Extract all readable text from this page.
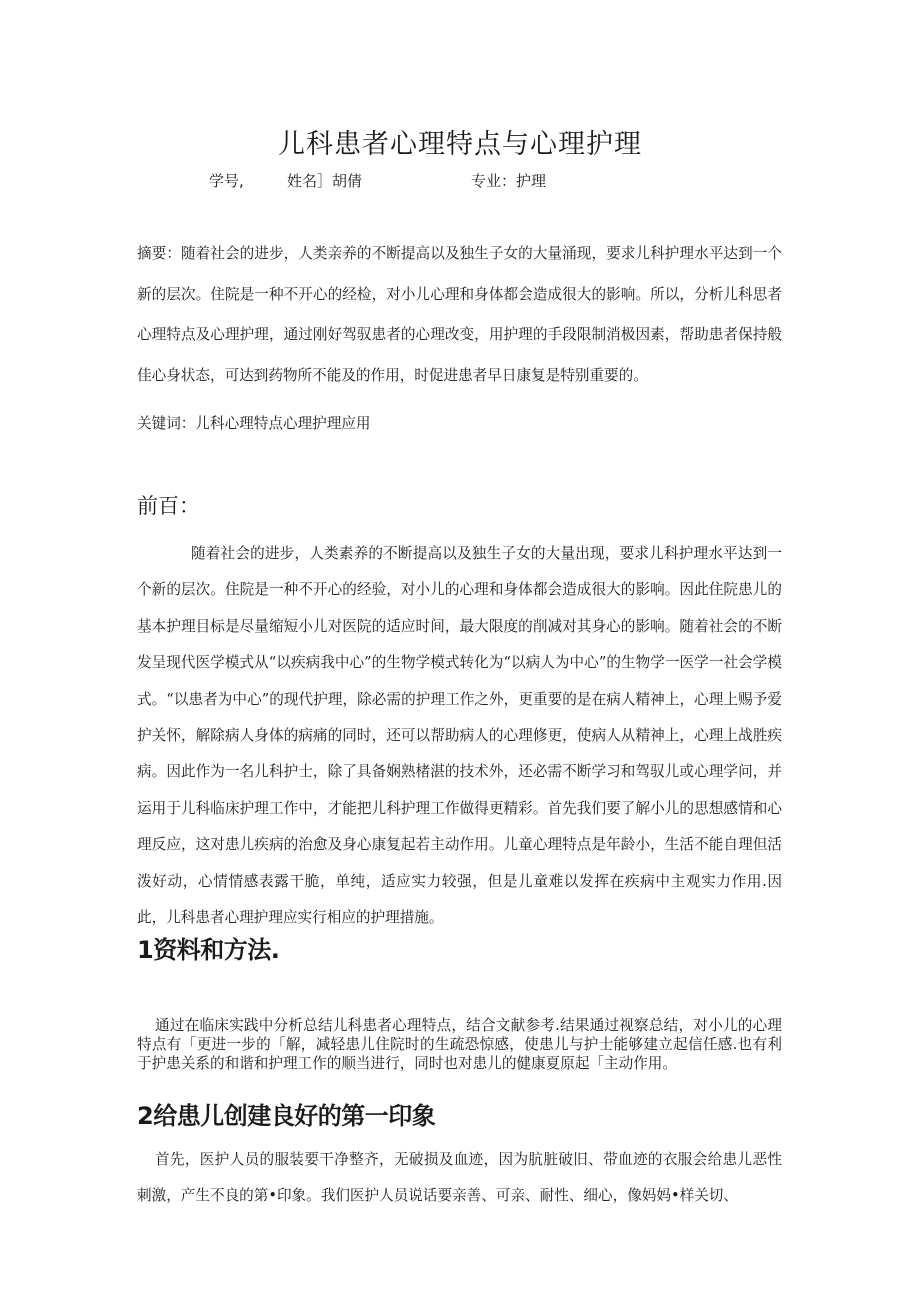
儿科患者心理特点与心理护理
学号,	姓名］胡倩	专业：护理

摘要：随着社会的进步，人类亲养的不断提高以及独生子女的大量涌现，要求儿科护理水平达到一个新的层次。住院是一种不开心的经检，对小儿心理和身体都会造成很大的影响。所以，分析儿科思者心理特点及心理护理，通过刚好驾驭患者的心理改变，用护理的手段限制消极因素，帮助患者保持般佳心身状态，可达到药物所不能及的作用，时促进患者早日康复是特别重要的。

关键词：儿科心理特点心理护理应用

前百：

随着社会的进步，人类素养的不断提高以及独生子女的大量出现，要求儿科护理水平达到一个新的层次。住院是一种不开心的经验，对小儿的心理和身体都会造成很大的影响。因此住院患儿的基本护理目标是尽量缩短小儿对医院的适应时间，最大限度的削减对其身心的影响。随着社会的不断发呈现代医学模式从“以疾病我中心”的生物学模式转化为“以病人为中心”的生物学一医学一社会学模式。“以患者为中心”的现代护理，除必需的护理工作之外，更重要的是在病人精神上，心理上赐予爱护关怀，解除病人身体的病痛的同时，还可以帮助病人的心理修更，使病人从精神上，心理上战胜疾病。因此作为一名儿科护士，除了具备娴熟楮湛的技术外，还必需不断学习和驾驭儿或心理学问，并运用于儿科临床护理工作中，才能把儿科护理工作做得更精彩。首先我们要了解小儿的思想感情和心理反应，这对患儿疾病的治愈及身心康复起若主动作用。儿童心理特点是年龄小，生活不能自理但活泼好动，心情情感表露干脆，单纯，适应实力较强，但是儿童难以发挥在疾病中主观实力作用.因此，儿科患者心理护理应实行相应的护理措施。

1资料和方法.

通过在临床实践中分析总结儿科患者心理特点，结合文献参考.结果通过视察总结，对小儿的心理特点有「更进一步的「解，减轻患儿住院时的生疏恐惊感，使患儿与护士能够建立起信任感.也有利于护患关系的和谐和护理工作的顺当进行，同时也对患儿的健康夏原起「主动作用。

2给患儿创建良好的第一印象

首先，医护人员的服装要干净整齐，无破损及血迹，因为肮脏破旧、带血迹的衣服会给患儿恶性刺激，产生不良的第•印象。我们医护人员说话要亲善、可亲、耐性、细心，像妈妈•样关切、
